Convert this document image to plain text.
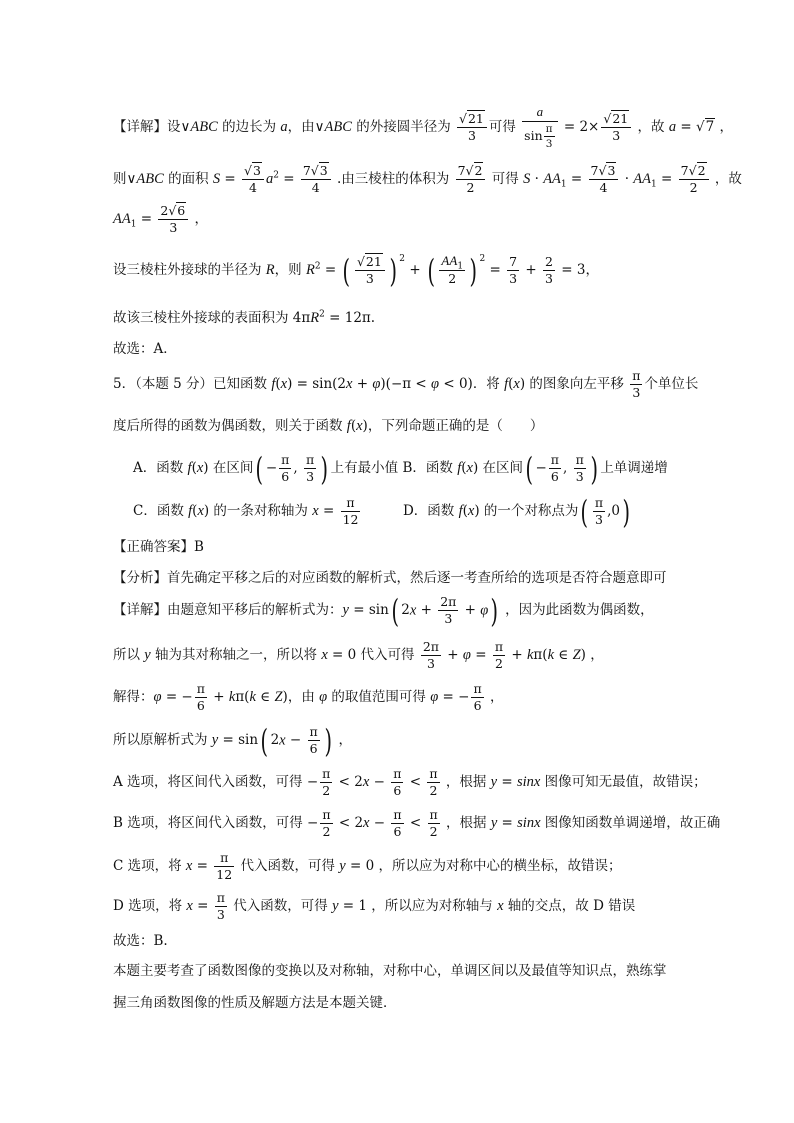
【详解】设∨ABC 的边长为 a，由∨ABC 的外接圆半径为 √ $\frac{21}{3}$ 可得 $\frac{a}{\sin \frac{\pi}{3}} = 2\times$ √ $\frac{21}{3}$ ，故 a = √ 7 ，
则∨ABC 的面积 S = √ $\frac{3}{4} a^2 = \frac{7 √ 3}{4}$ .由三棱柱的体积为 $\frac{7 √ 2}{2}$ 可得 $S \cdot AA_1 = \frac{7 √ 3}{4} \cdot AA_1 = \frac{7 √ 2}{2}$ ，故
$AA_1 = \frac{2 √ 6}{3}$ ，
设三棱柱外接球的半径为 R，则 $R^2$ = ( √ $\frac{21}{3}$ ) 2 + ( $\frac{AA_1}{2}$ ) $2 = \frac{7}{3} + \frac{2}{3} = 3$，
故该三棱柱外接球的表面积为 $4\pi R^2 = 12\pi$.
故选：A．
5．（本题 5 分）已知函数 f(x) = sin(2x + φ)(−π < φ < 0)．将 f(x) 的图象向左平移 $\frac{\pi}{3}$ 个单位长
度后所得的函数为偶函数，则关于函数 f(x)，下列命题正确的是（　　）
A．函数 f(x) 在区间 ( − $\frac{\pi}{6}$ , $\frac{\pi}{3}$ ) 上有最小值 B．函数 f(x) 在区间 ( − $\frac{\pi}{6}$ , $\frac{\pi}{3}$ ) 上单调递增
C．函数 f(x) 的一条对称轴为 $x = \frac{\pi}{12}$ 　　　D．函数 f(x) 的一个对称点为 ( $\frac{\pi}{3} ,0$)
【正确答案】B
【分析】首先确定平移之后的对应函数的解析式，然后逐一考查所给的选项是否符合题意即可
【详解】由题意知平移后的解析式为：y = sin ( $2x + \frac{2\pi}{3} + \varphi$) ，因为此函数为偶函数，
所以 y 轴为其对称轴之一，所以将 x = 0 代入可得 $\frac{2\pi}{3} + \varphi = \frac{\pi}{2} + k\pi(k$ ∈ Z) ，
解得：φ = − $\frac{\pi}{6} + k\pi(k$ ∈ Z)，由 φ 的取值范围可得 φ = − $\frac{\pi}{6}$ ，
所以原解析式为 y = sin ( $2x - \frac{\pi}{6}$ ) ，
A 选项，将区间代入函数，可得 − $\frac{\pi}{2} < 2x - \frac{\pi}{6} < \frac{\pi}{2}$ ，根据 y = sinx 图像可知无最值，故错误；
B 选项，将区间代入函数，可得 − $\frac{\pi}{2} < 2x - \frac{\pi}{6} < \frac{\pi}{2}$ ，根据 y = sinx 图像知函数单调递增，故正确
C 选项，将 $x = \frac{\pi}{12}$ 代入函数，可得 y = 0 ，所以应为对称中心的横坐标，故错误；
D 选项，将 $x = \frac{\pi}{3}$ 代入函数，可得 y = 1 ，所以应为对称轴与 x 轴的交点，故 D 错误
故选：B.
本题主要考查了函数图像的变换以及对称轴，对称中心，单调区间以及最值等知识点，熟练掌
握三角函数图像的性质及解题方法是本题关键．
